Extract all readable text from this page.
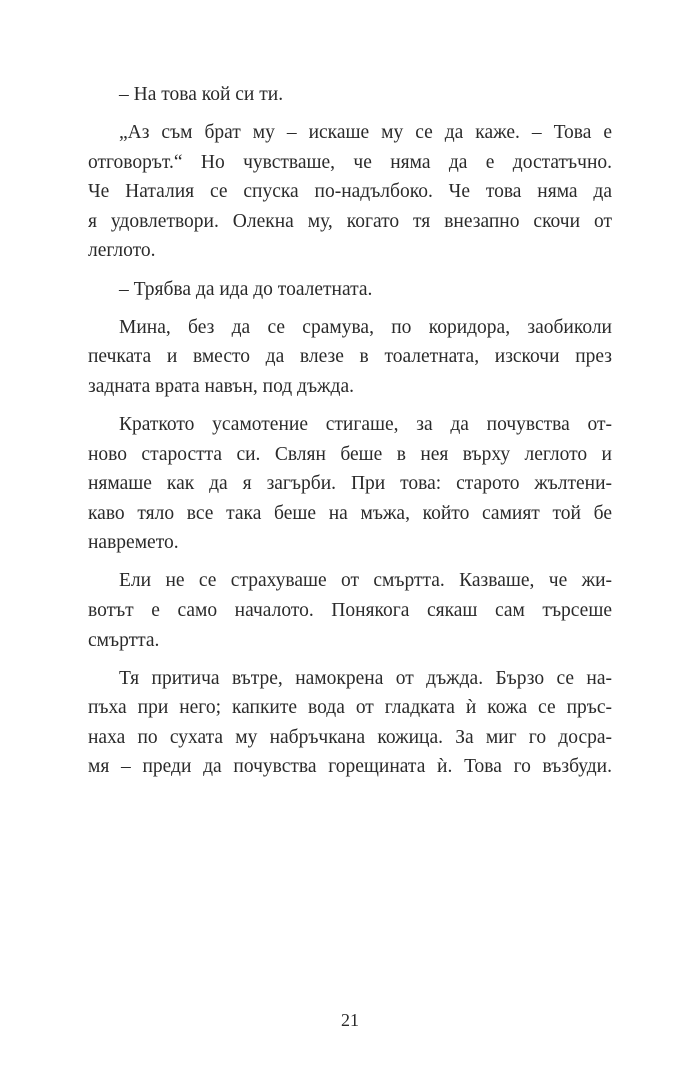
– На това кой си ти.
„Аз съм брат му – искаше му се да каже. – Това е
отговорът.“ Но чувстваше, че няма да е достатъчно.
Че Наталия се спуска по-надълбоко. Че това няма да
я удовлетвори. Олекна му, когато тя внезапно скочи от
леглото.
– Трябва да ида до тоалетната.
Мина, без да се срамува, по коридора, заобиколи
печката и вместо да влезе в тоалетната, изскочи през
задната врата навън, под дъжда.
Краткото усамотение стигаше, за да почувства от-
ново старостта си. Свлян беше в нея върху леглото и
нямаше как да я загърби. При това: старото жълтени-
каво тяло все така беше на мъжа, който самият той бе
навремето.
Ели не се страхуваше от смъртта. Казваше, че жи-
вотът е само началото. Понякога сякаш сам търсеше
смъртта.
Тя притича вътре, намокрена от дъжда. Бързо се на-
пъха при него; капките вода от гладката ѝ кожа се пръс-
наха по сухата му набръчкана кожица. За миг го досра-
мя – преди да почувства горещината ѝ. Това го възбуди.
21
